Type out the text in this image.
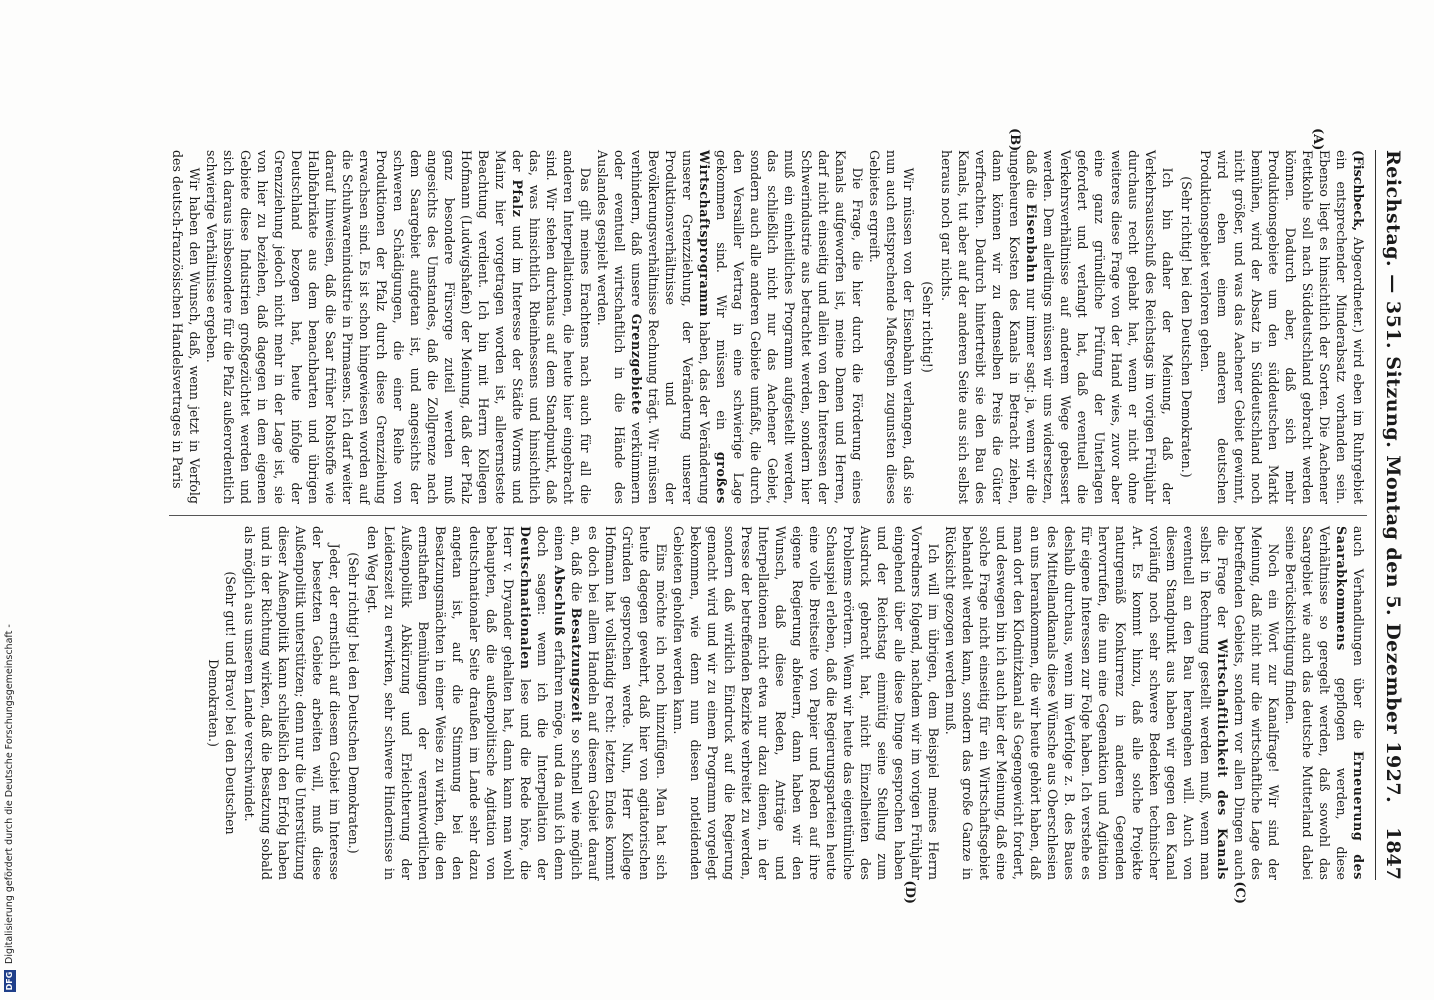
Reichstag. — 351. Sitzung. Montag den 5. Dezember 1927.
1847
(A)
(B)
(C)
(D)

(Fischbeck, Abgeordneter.) wird eben im Ruhrgebiet ein entsprechender Minderabsatz vorhanden sein. Ebenso liegt es hinsichtlich der Sorten. Die Aachener Fettkohle soll nach Süddeutschland gebracht werden können. Dadurch aber, daß sich mehr Produktionsgebiete um den süddeutschen Markt bemühen, wird der Absatz in Süddeutschland noch nicht größer, und was das Aachener Gebiet gewinnt, wird eben einem anderen deutschen Produktionsgebiet verloren gehen.

(Sehr richtig! bei den Deutschen Demokraten.)

Ich bin daher der Meinung, daß der Verkehrsausschuß des Reichstags im vorigen Frühjahr durchaus recht gehabt hat, wenn er nicht ohne weiteres diese Frage von der Hand wies, zuvor aber eine ganz gründliche Prüfung der Unterlagen gefordert und verlangt hat, daß eventuell die Verkehrsverhältnisse auf anderem Wege gebessert werden. Dem allerdings müssen wir uns widersetzen, daß die Eisenbahn nur immer sagt: ja, wenn wir die ungeheuren Kosten des Kanals in Betracht ziehen, dann können wir zu demselben Preis die Güter verfrachten. Dadurch hintertreibt sie den Bau des Kanals, tut aber auf der anderen Seite aus sich selbst heraus noch gar nichts.

(Sehr richtig!)

Wir müssen von der Eisenbahn verlangen, daß sie nun auch entsprechende Maßregeln zugunsten dieses Gebietes ergreift.

Die Frage, die hier durch die Förderung eines Kanals aufgeworfen ist, meine Damen und Herren, darf nicht einseitig und allein von den Interessen der Schwerindustrie aus betrachtet werden, sondern hier muß ein einheitliches Programm aufgestellt werden, das schließlich nicht nur das Aachener Gebiet, sondern auch alle anderen Gebiete umfaßt, die durch den Versailler Vertrag in eine schwierige Lage gekommen sind. Wir müssen ein großes Wirtschaftsprogramm haben, das der Veränderung unserer Grenzziehung, der Veränderung unserer Produktionsverhältnisse und der Bevölkerungsverhältnisse Rechnung trägt. Wir müssen verhindern, daß unsere Grenzgebiete verkümmern oder eventuell wirtschaftlich in die Hände des Auslandes gespielt werden.

Das gilt meines Erachtens nach auch für all die anderen Interpellationen, die heute hier eingebracht sind. Wir stehen durchaus auf dem Standpunkt, daß das, was hinsichtlich Rheinhessens und hinsichtlich der Pfalz und im Interesse der Städte Worms und Mainz hier vorgetragen worden ist, allerernsteste Beachtung verdient. Ich bin mit Herrn Kollegen Hofmann (Ludwigshafen) der Meinung, daß der Pfalz ganz besondere Fürsorge zuteil werden muß angesichts des Umstandes, daß die Zollgrenze nach dem Saargebiet aufgetan ist, und angesichts der schweren Schädigungen, die einer Reihe von Produktionen der Pfalz durch diese Grenzziehung erwachsen sind. Es ist schon hingewiesen worden auf die Schuhwarenindustrie in Pirmasens. Ich darf weiter darauf hinweisen, daß die Saar früher Rohstoffe wie Halbfabrikate aus dem benachbarten und übrigen Deutschland bezogen hat, heute infolge der Grenzziehung jedoch nicht mehr in der Lage ist, sie von hier zu beziehen, daß dagegen in dem eigenen Gebiete diese Industrien großgezüchtet werden und sich daraus insbesondere für die Pfalz außerordentlich schwierige Verhältnisse ergeben.

Wir haben den Wunsch, daß, wenn jetzt in Verfolg des deutsch-französischen Handelsvertrages in Paris

auch Verhandlungen über die Erneuerung des Saarabkommens gepflogen werden, diese Verhältnisse so geregelt werden, daß sowohl das Saargebiet wie auch das deutsche Mutterland dabei seine Berücksichtigung finden.

Noch ein Wort zur Kanalfrage! Wir sind der Meinung, daß nicht nur die wirtschaftliche Lage des betreffenden Gebiets, sondern vor allen Dingen auch die Frage der Wirtschaftlichkeit des Kanals selbst in Rechnung gestellt werden muß, wenn man eventuell an den Bau herangehen will. Auch von diesem Standpunkt aus haben wir gegen den Kanal vorläufig noch sehr schwere Bedenken technischer Art. Es kommt hinzu, daß alle solche Projekte naturgemäß Konkurrenz in anderen Gegenden hervorrufen, die nun eine Gegenaktion und Agitation für eigene Interessen zur Folge haben. Ich verstehe es deshalb durchaus, wenn im Verfolge z. B. des Baues des Mittellandkanals diese Wünsche aus Oberschlesien an uns herankommen, die wir heute gehört haben, daß man dort den Klodnitzkanal als Gegengewicht fordert, und deswegen bin ich auch hier der Meinung, daß eine solche Frage nicht einseitig für ein Wirtschaftsgebiet behandelt werden kann, sondern das große Ganze in Rücksicht gezogen werden muß.

Ich will im übrigen, dem Beispiel meines Herrn Vorredners folgend, nachdem wir im vorigen Frühjahr eingehend über alle diese Dinge gesprochen haben und der Reichstag einmütig seine Stellung zum Ausdruck gebracht hat, nicht Einzelheiten des Problems erörtern. Wenn wir heute das eigentümliche Schauspiel erleben, daß die Regierungsparteien heute eine volle Breitseite von Papier und Reden auf ihre eigene Regierung abfeuern, dann haben wir den Wunsch, daß diese Reden, Anträge und Interpellationen nicht etwa nur dazu dienen, in der Presse der betreffenden Bezirke verbreitet zu werden, sondern daß wirklich Eindruck auf die Regierung gemacht wird und wir zu einem Programm vorgelegt bekommen, wie denn nun diesen notleidenden Gebieten geholfen werden kann.

Eins möchte ich noch hinzufügen. Man hat sich heute dagegen gewehrt, daß hier von agitatorischen Gründen gesprochen werde. Nun, Herr Kollege Hofmann hat vollständig recht: letzten Endes kommt es doch bei allem Handeln auf diesem Gebiet darauf an, daß die Besatzungszeit so schnell wie möglich einen Abschluß erfahren möge, und da muß ich denn doch sagen: wenn ich die Interpellation der Deutschnationalen lese und die Rede höre, die Herr v. Dryander gehalten hat, dann kann man wohl behaupten, daß die außenpolitische Agitation von deutschnationaler Seite draußen im Lande sehr dazu angetan ist, auf die Stimmung bei den Besatzungsmächten in einer Weise zu wirken, die den ernsthaften Bemühungen der verantwortlichen Außenpolitik Abkürzung und Erleichterung der Leidenszeit zu erwirken, sehr schwere Hindernisse in den Weg legt.

(Sehr richtig! bei den Deutschen Demokraten.)

Jeder, der ernstlich auf diesem Gebiet im Interesse der besetzten Gebiete arbeiten will, muß diese Außenpolitik unterstützen; denn nur die Unterstützung dieser Außenpolitik kann schließlich den Erfolg haben und in der Richtung wirken, daß die Besatzung sobald als möglich aus unserem Lande verschwindet.

(Sehr gut! und Bravo! bei den Deutschen Demokraten.)

DFG
Digitalisierung gefördert durch die Deutsche Forschungsgemeinschaft -
